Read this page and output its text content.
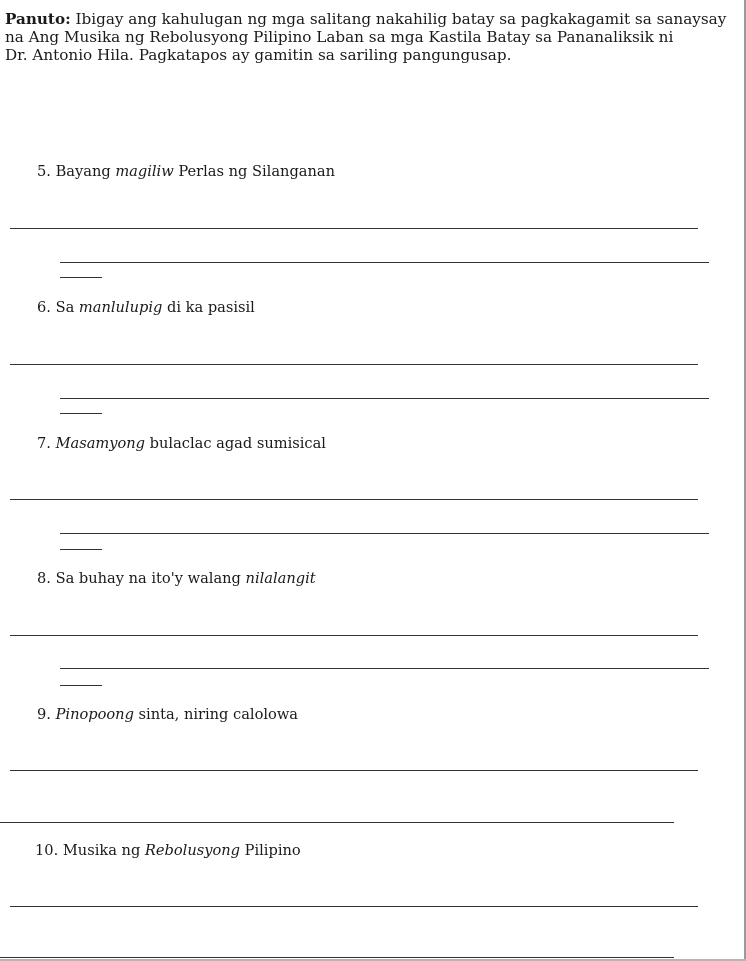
Panuto: Ibigay ang kahulugan ng mga salitang nakahilig batay sa pagkakagamit sa sanaysay
na Ang Musika ng Rebolusyong Pilipino Laban sa mga Kastila Batay sa Pananaliksik ni
Dr. Antonio Hila. Pagkatapos ay gamitin sa sariling pangungusap.
5. Bayang magiliw Perlas ng Silanganan
6. Sa manlulupig di ka pasisil
7. Masamyong bulaclac agad sumisical
8. Sa buhay na ito'y walang nilalangit
9. Pinopoong sinta, niring calolowa
10. Musika ng Rebolusyong Pilipino
